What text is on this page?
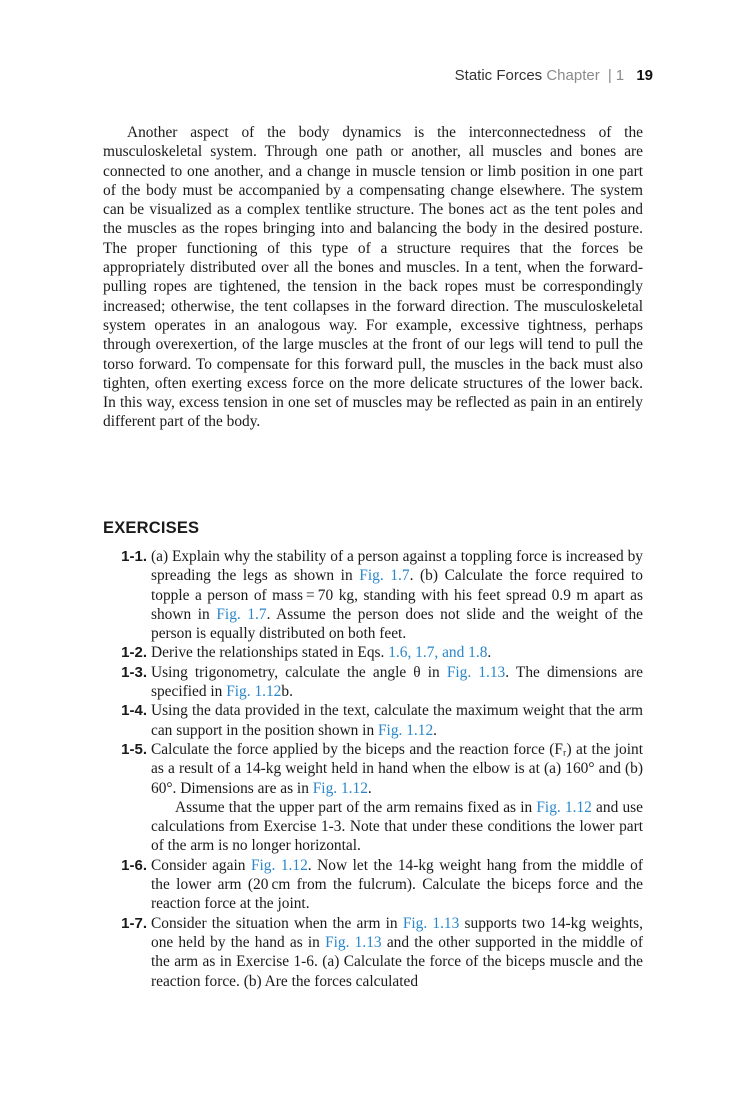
Static Forces Chapter | 1 19

Another aspect of the body dynamics is the interconnectedness of the musculoskeletal system. Through one path or another, all muscles and bones are connected to one another, and a change in muscle tension or limb position in one part of the body must be accompanied by a compensating change elsewhere. The system can be visualized as a complex tentlike structure. The bones act as the tent poles and the muscles as the ropes bringing into and balancing the body in the desired posture. The proper functioning of this type of a structure requires that the forces be appropriately distributed over all the bones and muscles. In a tent, when the forward-pulling ropes are tightened, the tension in the back ropes must be correspondingly increased; otherwise, the tent collapses in the forward direction. The musculoskeletal system operates in an analogous way. For example, excessive tightness, perhaps through overexertion, of the large muscles at the front of our legs will tend to pull the torso forward. To compensate for this forward pull, the muscles in the back must also tighten, often exerting excess force on the more delicate structures of the lower back. In this way, excess tension in one set of muscles may be reflected as pain in an entirely different part of the body.

EXERCISES
1-1. (a) Explain why the stability of a person against a toppling force is increased by spreading the legs as shown in Fig. 1.7. (b) Calculate the force required to topple a person of mass = 70 kg, standing with his feet spread 0.9 m apart as shown in Fig. 1.7. Assume the person does not slide and the weight of the person is equally distributed on both feet.
1-2. Derive the relationships stated in Eqs. 1.6, 1.7, and 1.8.
1-3. Using trigonometry, calculate the angle θ in Fig. 1.13. The dimensions are specified in Fig. 1.12b.
1-4. Using the data provided in the text, calculate the maximum weight that the arm can support in the position shown in Fig. 1.12.
1-5. Calculate the force applied by the biceps and the reaction force (Fᵣ) at the joint as a result of a 14-kg weight held in hand when the elbow is at (a) 160° and (b) 60°. Dimensions are as in Fig. 1.12.
Assume that the upper part of the arm remains fixed as in Fig. 1.12 and use calculations from Exercise 1-3. Note that under these conditions the lower part of the arm is no longer horizontal.
1-6. Consider again Fig. 1.12. Now let the 14-kg weight hang from the middle of the lower arm (20 cm from the fulcrum). Calculate the biceps force and the reaction force at the joint.
1-7. Consider the situation when the arm in Fig. 1.13 supports two 14-kg weights, one held by the hand as in Fig. 1.13 and the other supported in the middle of the arm as in Exercise 1-6. (a) Calculate the force of the biceps muscle and the reaction force. (b) Are the forces calculated
